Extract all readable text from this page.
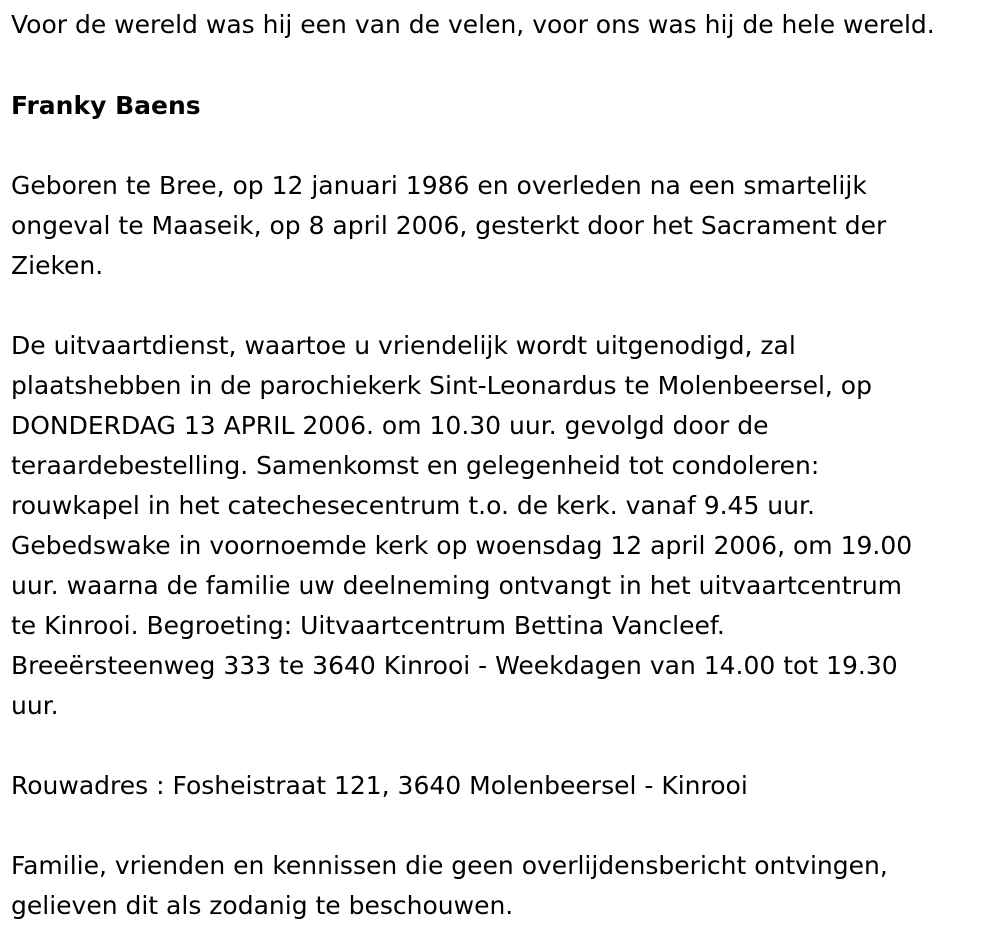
Voor de wereld was hij een van de velen, voor ons was hij de hele wereld.

Franky Baens

Geboren te Bree, op 12 januari 1986 en overleden na een smartelijk
ongeval te Maaseik, op 8 april 2006, gesterkt door het Sacrament der
Zieken.

De uitvaartdienst, waartoe u vriendelijk wordt uitgenodigd, zal
plaatshebben in de parochiekerk Sint-Leonardus te Molenbeersel, op
DONDERDAG 13 APRIL 2006. om 10.30 uur. gevolgd door de
teraardebestelling. Samenkomst en gelegenheid tot condoleren:
rouwkapel in het catechesecentrum t.o. de kerk. vanaf 9.45 uur.
Gebedswake in voornoemde kerk op woensdag 12 april 2006, om 19.00
uur. waarna de familie uw deelneming ontvangt in het uitvaartcentrum
te Kinrooi. Begroeting: Uitvaartcentrum Bettina Vancleef.
Breeërsteenweg 333 te 3640 Kinrooi - Weekdagen van 14.00 tot 19.30
uur.

Rouwadres : Fosheistraat 121, 3640 Molenbeersel - Kinrooi

Familie, vrienden en kennissen die geen overlijdensbericht ontvingen,
gelieven dit als zodanig te beschouwen.
